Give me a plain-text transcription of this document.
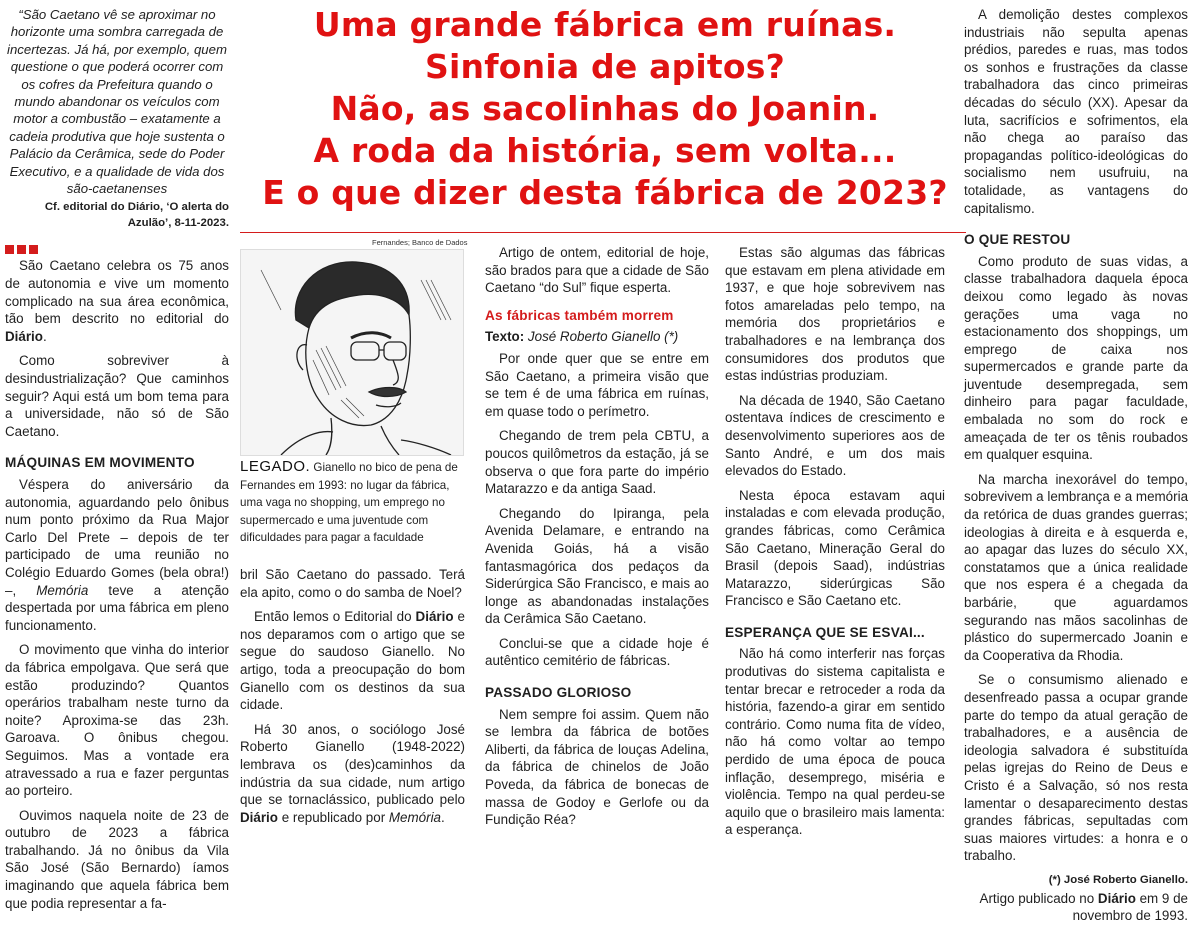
“São Caetano vê se aproximar no horizonte uma sombra carregada de incertezas. Já há, por exemplo, quem questione o que poderá ocorrer com os cofres da Prefeitura quando o mundo abandonar os veículos com motor a combustão – exatamente a cadeia produtiva que hoje sustenta o Palácio da Cerâmica, sede do Poder Executivo, e a qualidade de vida dos são-caetanenses
Cf. editorial do Diário, ‘O alerta do Azulão’, 8-11-2023.

São Caetano celebra os 75 anos de autonomia e vive um momento complicado na sua área econômica, tão bem descrito no editorial do Diário.

Como sobreviver à desindustrialização? Que caminhos seguir? Aqui está um bom tema para a universidade, não só de São Caetano.

MÁQUINAS EM MOVIMENTO

Véspera do aniversário da autonomia, aguardando pelo ônibus num ponto próximo da Rua Major Carlo Del Prete – depois de ter participado de uma reunião no Colégio Eduardo Gomes (bela obra!) –, Memória teve a atenção despertada por uma fábrica em pleno funcionamento.

O movimento que vinha do interior da fábrica empolgava. Que será que estão produzindo? Quantos operários trabalham neste turno da noite? Aproxima-se das 23h. Garoava. O ônibus chegou. Seguimos. Mas a vontade era atravessado a rua e fazer perguntas ao porteiro.

Ouvimos naquela noite de 23 de outubro de 2023 a fábrica trabalhando. Já no ônibus da Vila São José (São Bernardo) íamos imaginando que aquela fábrica bem que podia representar a fa-

Uma grande fábrica em ruínas.
Sinfonia de apitos?
Não, as sacolinhas do Joanin.
A roda da história, sem volta...
E o que dizer desta fábrica de 2023?
Fernandes; Banco de Dados
LEGADO. Gianello no bico de pena de Fernandes em 1993: no lugar da fábrica, uma vaga no shopping, um emprego no supermercado e uma juventude com dificuldades para pagar a faculdade

bril São Caetano do passado. Terá ela apito, como o do samba de Noel?

Então lemos o Editorial do Diário e nos deparamos com o artigo que se segue do saudoso Gianello. No artigo, toda a preocupação do bom Gianello com os destinos da sua cidade.

Há 30 anos, o sociólogo José Roberto Gianello (1948-2022) lembrava os (des)caminhos da indústria da sua cidade, num artigo que se tornaclássico, publicado pelo Diário e republicado por Memória.

Artigo de ontem, editorial de hoje, são brados para que a cidade de São Caetano “do Sul” fique esperta.

As fábricas também morrem
Texto: José Roberto Gianello (*)

Por onde quer que se entre em São Caetano, a primeira visão que se tem é de uma fábrica em ruínas, em quase todo o perímetro.

Chegando de trem pela CBTU, a poucos quilômetros da estação, já se observa o que fora parte do império Matarazzo e da antiga Saad.

Chegando do Ipiranga, pela Avenida Delamare, e entrando na Avenida Goiás, há a visão fantasmagórica dos pedaços da Siderúrgica São Francisco, e mais ao longe as abandonadas instalações da Cerâmica São Caetano.

Conclui-se que a cidade hoje é autêntico cemitério de fábricas.

PASSADO GLORIOSO

Nem sempre foi assim. Quem não se lembra da fábrica de botões Aliberti, da fábrica de louças Adelina, da fábrica de chinelos de João Poveda, da fábrica de bonecas de massa de Godoy e Gerlofe ou da Fundição Réa?

Estas são algumas das fábricas que estavam em plena atividade em 1937, e que hoje sobrevivem nas fotos amareladas pelo tempo, na memória dos proprietários e trabalhadores e na lembrança dos consumidores dos produtos que estas indústrias produziam.

Na década de 1940, São Caetano ostentava índices de crescimento e desenvolvimento superiores aos de Santo André, e um dos mais elevados do Estado.

Nesta época estavam aqui instaladas e com elevada produção, grandes fábricas, como Cerâmica São Caetano, Mineração Geral do Brasil (depois Saad), indústrias Matarazzo, siderúrgicas São Francisco e São Caetano etc.

ESPERANÇA QUE SE ESVAI...

Não há como interferir nas forças produtivas do sistema capitalista e tentar brecar e retroceder a roda da história, fazendo-a girar em sentido contrário. Como numa fita de vídeo, não há como voltar ao tempo perdido de uma época de pouca inflação, desemprego, miséria e violência. Tempo na qual perdeu-se aquilo que o brasileiro mais lamenta: a esperança.

A demolição destes complexos industriais não sepulta apenas prédios, paredes e ruas, mas todos os sonhos e frustrações da classe trabalhadora das cinco primeiras décadas do século (XX). Apesar da luta, sacrifícios e sofrimentos, ela não chega ao paraíso das propagandas político-ideológicas do socialismo nem usufruiu, na totalidade, as vantagens do capitalismo.

O QUE RESTOU

Como produto de suas vidas, a classe trabalhadora daquela época deixou como legado às novas gerações uma vaga no estacionamento dos shoppings, um emprego de caixa nos supermercados e grande parte da juventude desempregada, sem dinheiro para pagar faculdade, embalada no som do rock e ameaçada de ter os tênis roubados em qualquer esquina.

Na marcha inexorável do tempo, sobrevivem a lembrança e a memória da retórica de duas grandes guerras; ideologias à direita e à esquerda e, ao apagar das luzes do século XX, constatamos que a única realidade que nos espera é a chegada da barbárie, que aguardamos segurando nas mãos sacolinhas de plástico do supermercado Joanin e da Cooperativa da Rhodia.

Se o consumismo alienado e desenfreado passa a ocupar grande parte do tempo da atual geração de trabalhadores, e a ausência de ideologia salvadora é substituída pelas igrejas do Reino de Deus e Cristo é a Salvação, só nos resta lamentar o desaparecimento destas grandes fábricas, sepultadas com suas maiores virtudes: a honra e o trabalho.

(*) José Roberto Gianello.
Artigo publicado no Diário em 9 de novembro de 1993.
